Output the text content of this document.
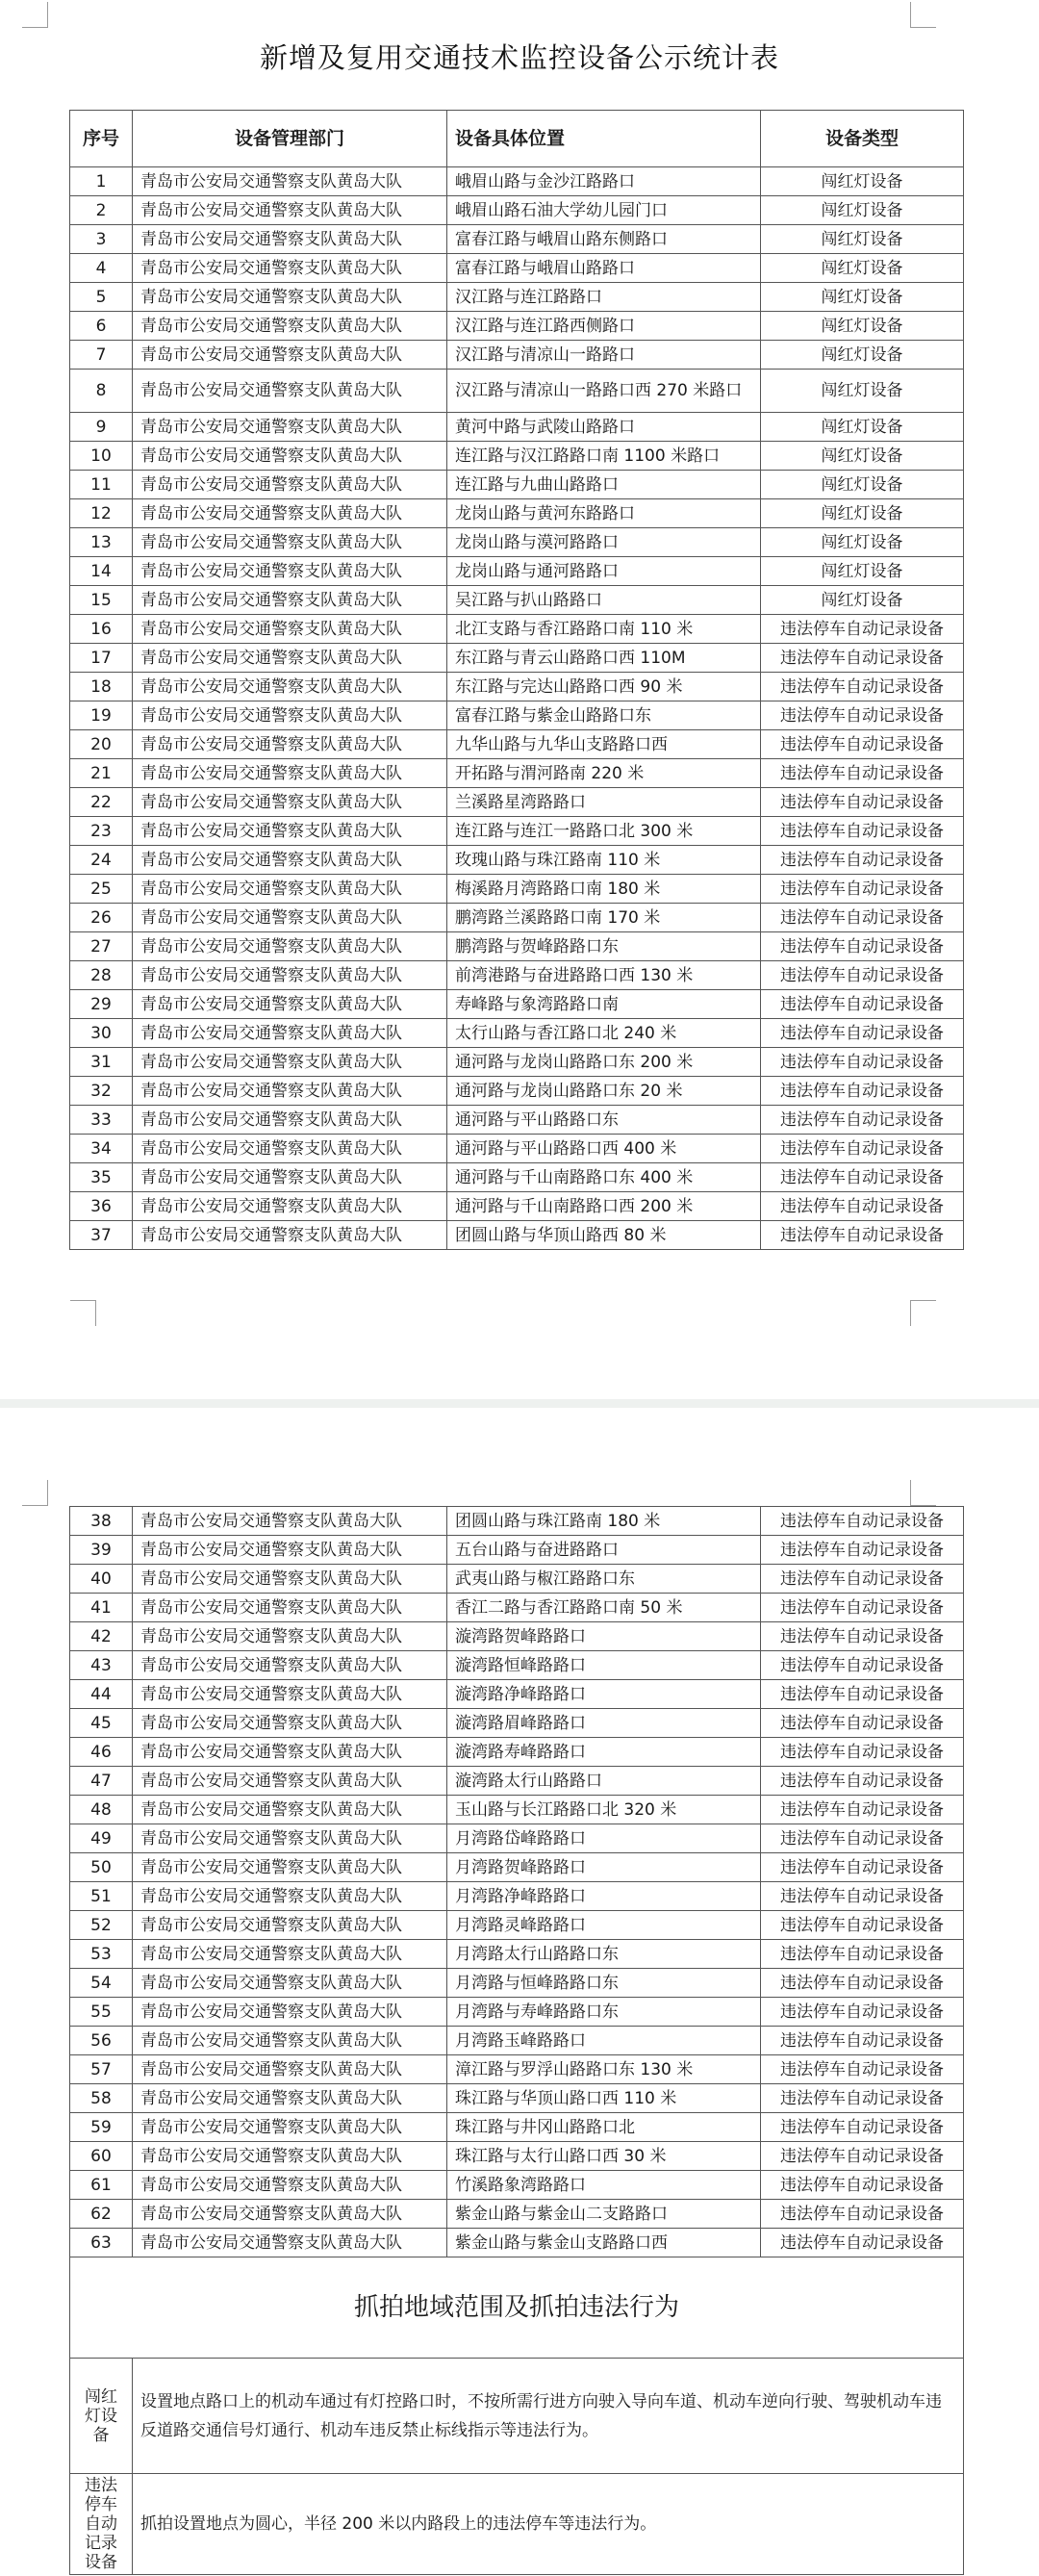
新增及复用交通技术监控设备公示统计表
序号	设备管理部门	设备具体位置	设备类型
1	青岛市公安局交通警察支队黄岛大队	峨眉山路与金沙江路路口	闯红灯设备
2	青岛市公安局交通警察支队黄岛大队	峨眉山路石油大学幼儿园门口	闯红灯设备
3	青岛市公安局交通警察支队黄岛大队	富春江路与峨眉山路东侧路口	闯红灯设备
4	青岛市公安局交通警察支队黄岛大队	富春江路与峨眉山路路口	闯红灯设备
5	青岛市公安局交通警察支队黄岛大队	汉江路与连江路路口	闯红灯设备
6	青岛市公安局交通警察支队黄岛大队	汉江路与连江路西侧路口	闯红灯设备
7	青岛市公安局交通警察支队黄岛大队	汉江路与清凉山一路路口	闯红灯设备
8	青岛市公安局交通警察支队黄岛大队	汉江路与清凉山一路路口西 270 米路口	闯红灯设备
9	青岛市公安局交通警察支队黄岛大队	黄河中路与武陵山路路口	闯红灯设备
10	青岛市公安局交通警察支队黄岛大队	连江路与汉江路路口南 1100 米路口	闯红灯设备
11	青岛市公安局交通警察支队黄岛大队	连江路与九曲山路路口	闯红灯设备
12	青岛市公安局交通警察支队黄岛大队	龙岗山路与黄河东路路口	闯红灯设备
13	青岛市公安局交通警察支队黄岛大队	龙岗山路与漠河路路口	闯红灯设备
14	青岛市公安局交通警察支队黄岛大队	龙岗山路与通河路路口	闯红灯设备
15	青岛市公安局交通警察支队黄岛大队	吴江路与扒山路路口	闯红灯设备
16	青岛市公安局交通警察支队黄岛大队	北江支路与香江路路口南 110 米	违法停车自动记录设备
17	青岛市公安局交通警察支队黄岛大队	东江路与青云山路路口西 110M	违法停车自动记录设备
18	青岛市公安局交通警察支队黄岛大队	东江路与完达山路路口西 90 米	违法停车自动记录设备
19	青岛市公安局交通警察支队黄岛大队	富春江路与紫金山路路口东	违法停车自动记录设备
20	青岛市公安局交通警察支队黄岛大队	九华山路与九华山支路路口西	违法停车自动记录设备
21	青岛市公安局交通警察支队黄岛大队	开拓路与渭河路南 220 米	违法停车自动记录设备
22	青岛市公安局交通警察支队黄岛大队	兰溪路星湾路路口	违法停车自动记录设备
23	青岛市公安局交通警察支队黄岛大队	连江路与连江一路路口北 300 米	违法停车自动记录设备
24	青岛市公安局交通警察支队黄岛大队	玫瑰山路与珠江路南 110 米	违法停车自动记录设备
25	青岛市公安局交通警察支队黄岛大队	梅溪路月湾路路口南 180 米	违法停车自动记录设备
26	青岛市公安局交通警察支队黄岛大队	鹏湾路兰溪路路口南 170 米	违法停车自动记录设备
27	青岛市公安局交通警察支队黄岛大队	鹏湾路与贺峰路路口东	违法停车自动记录设备
28	青岛市公安局交通警察支队黄岛大队	前湾港路与奋进路路口西 130 米	违法停车自动记录设备
29	青岛市公安局交通警察支队黄岛大队	寿峰路与象湾路路口南	违法停车自动记录设备
30	青岛市公安局交通警察支队黄岛大队	太行山路与香江路口北 240 米	违法停车自动记录设备
31	青岛市公安局交通警察支队黄岛大队	通河路与龙岗山路路口东 200 米	违法停车自动记录设备
32	青岛市公安局交通警察支队黄岛大队	通河路与龙岗山路路口东 20 米	违法停车自动记录设备
33	青岛市公安局交通警察支队黄岛大队	通河路与平山路路口东	违法停车自动记录设备
34	青岛市公安局交通警察支队黄岛大队	通河路与平山路路口西 400 米	违法停车自动记录设备
35	青岛市公安局交通警察支队黄岛大队	通河路与千山南路路口东 400 米	违法停车自动记录设备
36	青岛市公安局交通警察支队黄岛大队	通河路与千山南路路口西 200 米	违法停车自动记录设备
37	青岛市公安局交通警察支队黄岛大队	团圆山路与华顶山路西 80 米	违法停车自动记录设备
38	青岛市公安局交通警察支队黄岛大队	团圆山路与珠江路南 180 米	违法停车自动记录设备
39	青岛市公安局交通警察支队黄岛大队	五台山路与奋进路路口	违法停车自动记录设备
40	青岛市公安局交通警察支队黄岛大队	武夷山路与椒江路路口东	违法停车自动记录设备
41	青岛市公安局交通警察支队黄岛大队	香江二路与香江路路口南 50 米	违法停车自动记录设备
42	青岛市公安局交通警察支队黄岛大队	漩湾路贺峰路路口	违法停车自动记录设备
43	青岛市公安局交通警察支队黄岛大队	漩湾路恒峰路路口	违法停车自动记录设备
44	青岛市公安局交通警察支队黄岛大队	漩湾路净峰路路口	违法停车自动记录设备
45	青岛市公安局交通警察支队黄岛大队	漩湾路眉峰路路口	违法停车自动记录设备
46	青岛市公安局交通警察支队黄岛大队	漩湾路寿峰路路口	违法停车自动记录设备
47	青岛市公安局交通警察支队黄岛大队	漩湾路太行山路路口	违法停车自动记录设备
48	青岛市公安局交通警察支队黄岛大队	玉山路与长江路路口北 320 米	违法停车自动记录设备
49	青岛市公安局交通警察支队黄岛大队	月湾路岱峰路路口	违法停车自动记录设备
50	青岛市公安局交通警察支队黄岛大队	月湾路贺峰路路口	违法停车自动记录设备
51	青岛市公安局交通警察支队黄岛大队	月湾路净峰路路口	违法停车自动记录设备
52	青岛市公安局交通警察支队黄岛大队	月湾路灵峰路路口	违法停车自动记录设备
53	青岛市公安局交通警察支队黄岛大队	月湾路太行山路路口东	违法停车自动记录设备
54	青岛市公安局交通警察支队黄岛大队	月湾路与恒峰路路口东	违法停车自动记录设备
55	青岛市公安局交通警察支队黄岛大队	月湾路与寿峰路路口东	违法停车自动记录设备
56	青岛市公安局交通警察支队黄岛大队	月湾路玉峰路路口	违法停车自动记录设备
57	青岛市公安局交通警察支队黄岛大队	漳江路与罗浮山路路口东 130 米	违法停车自动记录设备
58	青岛市公安局交通警察支队黄岛大队	珠江路与华顶山路口西 110 米	违法停车自动记录设备
59	青岛市公安局交通警察支队黄岛大队	珠江路与井冈山路路口北	违法停车自动记录设备
60	青岛市公安局交通警察支队黄岛大队	珠江路与太行山路口西 30 米	违法停车自动记录设备
61	青岛市公安局交通警察支队黄岛大队	竹溪路象湾路路口	违法停车自动记录设备
62	青岛市公安局交通警察支队黄岛大队	紫金山路与紫金山二支路路口	违法停车自动记录设备
63	青岛市公安局交通警察支队黄岛大队	紫金山路与紫金山支路路口西	违法停车自动记录设备
抓拍地域范围及抓拍违法行为			
闯红灯设备	设置地点路口上的机动车通过有灯控路口时，不按所需行进方向驶入导向车道、机动车逆向行驶、驾驶机动车违反道路交通信号灯通行、机动车违反禁止标线指示等违法行为。		
违法停车自动记录设备	抓拍设置地点为圆心，半径 200 米以内路段上的违法停车等违法行为。		
